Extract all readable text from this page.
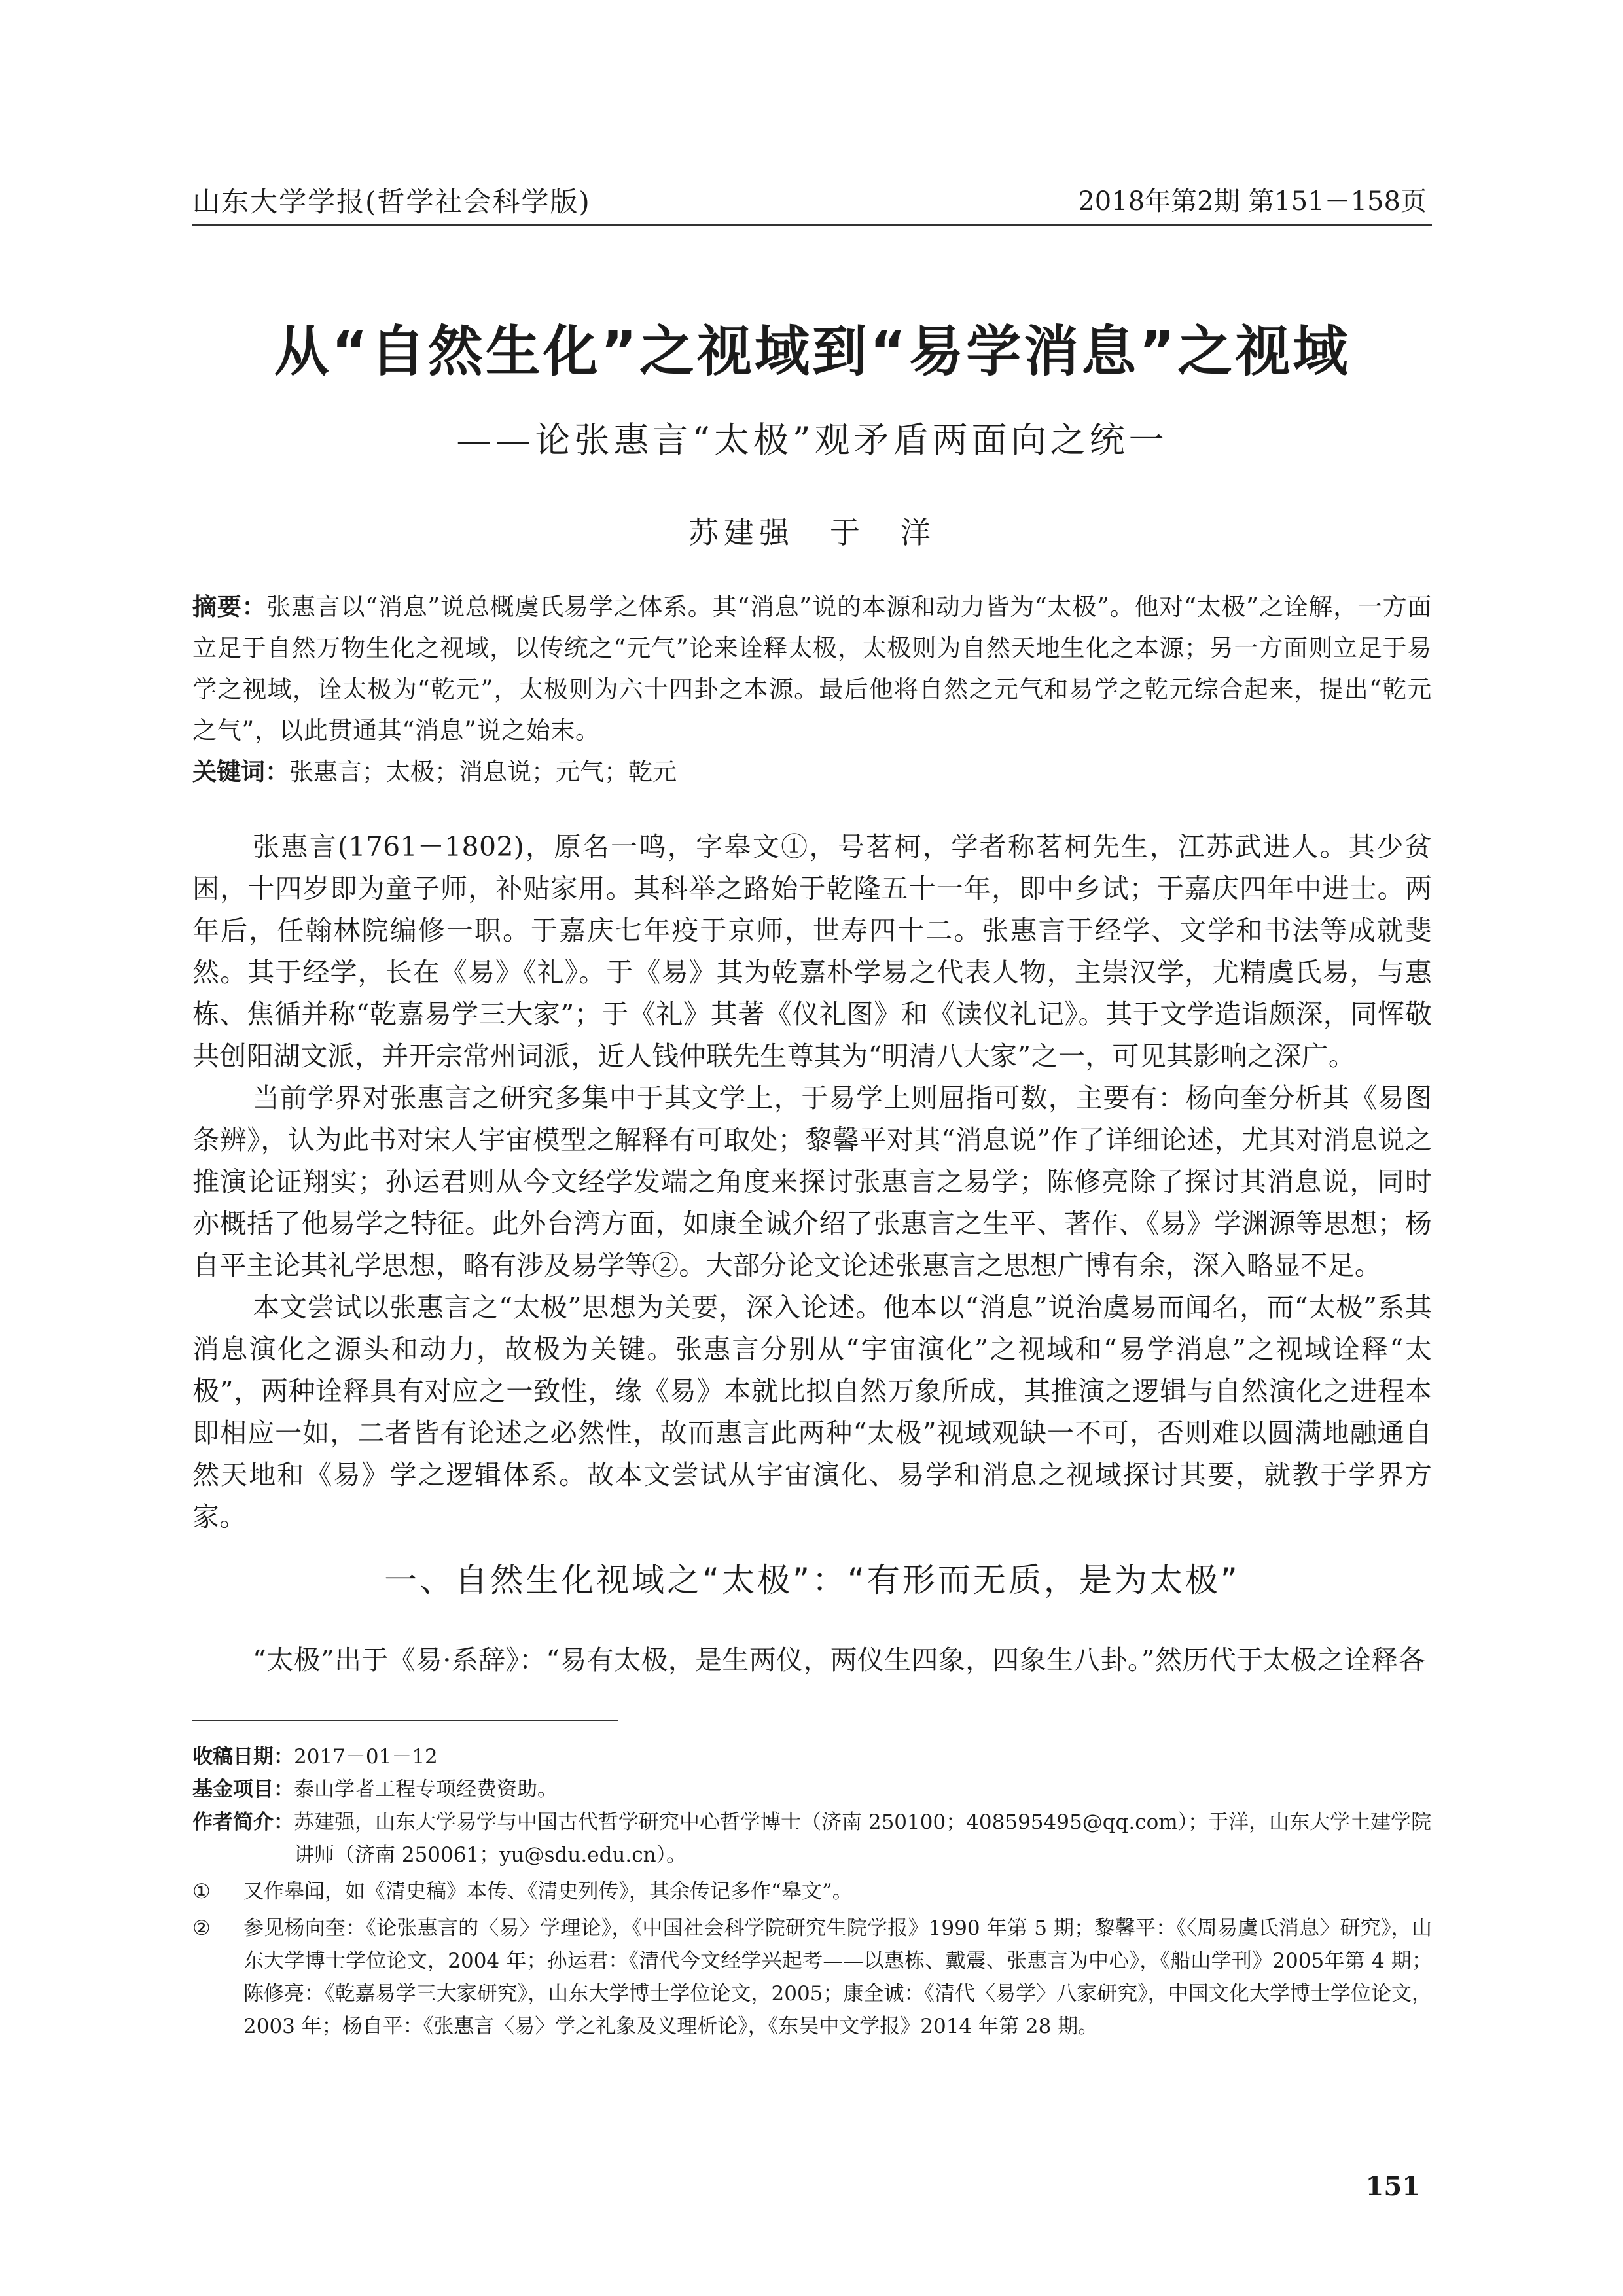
山东大学学报(哲学社会科学版)	2018年第2期 第151－158页
从“自然生化”之视域到“易学消息”之视域
——论张惠言“太极”观矛盾两面向之统一
苏建强　于　洋
摘要：张惠言以“消息”说总概虞氏易学之体系。其“消息”说的本源和动力皆为“太极”。他对“太极”之诠解，一方面立足于自然万物生化之视域，以传统之“元气”论来诠释太极，太极则为自然天地生化之本源；另一方面则立足于易学之视域，诠太极为“乾元”，太极则为六十四卦之本源。最后他将自然之元气和易学之乾元综合起来，提出“乾元之气”，以此贯通其“消息”说之始末。
关键词：张惠言；太极；消息说；元气；乾元

张惠言(1761－1802)，原名一鸣，字皋文①，号茗柯，学者称茗柯先生，江苏武进人。其少贫困，十四岁即为童子师，补贴家用。其科举之路始于乾隆五十一年，即中乡试；于嘉庆四年中进士。两年后，任翰林院编修一职。于嘉庆七年疫于京师，世寿四十二。张惠言于经学、文学和书法等成就斐然。其于经学，长在《易》《礼》。于《易》其为乾嘉朴学易之代表人物，主崇汉学，尤精虞氏易，与惠栋、焦循并称“乾嘉易学三大家”；于《礼》其著《仪礼图》和《读仪礼记》。其于文学造诣颇深，同恽敬共创阳湖文派，并开宗常州词派，近人钱仲联先生尊其为“明清八大家”之一，可见其影响之深广。

当前学界对张惠言之研究多集中于其文学上，于易学上则屈指可数，主要有：杨向奎分析其《易图条辨》，认为此书对宋人宇宙模型之解释有可取处；黎馨平对其“消息说”作了详细论述，尤其对消息说之推演论证翔实；孙运君则从今文经学发端之角度来探讨张惠言之易学；陈修亮除了探讨其消息说，同时亦概括了他易学之特征。此外台湾方面，如康全诚介绍了张惠言之生平、著作、《易》学渊源等思想；杨自平主论其礼学思想，略有涉及易学等②。大部分论文论述张惠言之思想广博有余，深入略显不足。

本文尝试以张惠言之“太极”思想为关要，深入论述。他本以“消息”说治虞易而闻名，而“太极”系其消息演化之源头和动力，故极为关键。张惠言分别从“宇宙演化”之视域和“易学消息”之视域诠释“太极”，两种诠释具有对应之一致性，缘《易》本就比拟自然万象所成，其推演之逻辑与自然演化之进程本即相应一如，二者皆有论述之必然性，故而惠言此两种“太极”视域观缺一不可，否则难以圆满地融通自然天地和《易》学之逻辑体系。故本文尝试从宇宙演化、易学和消息之视域探讨其要，就教于学界方家。

一、自然生化视域之“太极”：“有形而无质，是为太极”
“太极”出于《易·系辞》：“易有太极，是生两仪，两仪生四象，四象生八卦。”然历代于太极之诠释各
收稿日期： 2017－01－12
基金项目： 泰山学者工程专项经费资助。
作者简介： 苏建强，山东大学易学与中国古代哲学研究中心哲学博士（济南 250100；408595495@qq.com）；于洋，山东大学土建学院讲师（济南 250061；yu@sdu.edu.cn）。
①	又作皋闻，如《清史稿》本传、《清史列传》，其余传记多作“皋文”。
②	参见杨向奎：《论张惠言的〈易〉学理论》，《中国社会科学院研究生院学报》1990 年第 5 期；黎馨平：《〈周易虞氏消息〉研究》，山东大学博士学位论文，2004 年；孙运君：《清代今文经学兴起考——以惠栋、戴震、张惠言为中心》，《船山学刊》2005年第 4 期；陈修亮：《乾嘉易学三大家研究》，山东大学博士学位论文，2005；康全诚：《清代〈易学〉八家研究》，中国文化大学博士学位论文，2003 年；杨自平：《张惠言〈易〉学之礼象及义理析论》，《东吴中文学报》2014 年第 28 期。
151
